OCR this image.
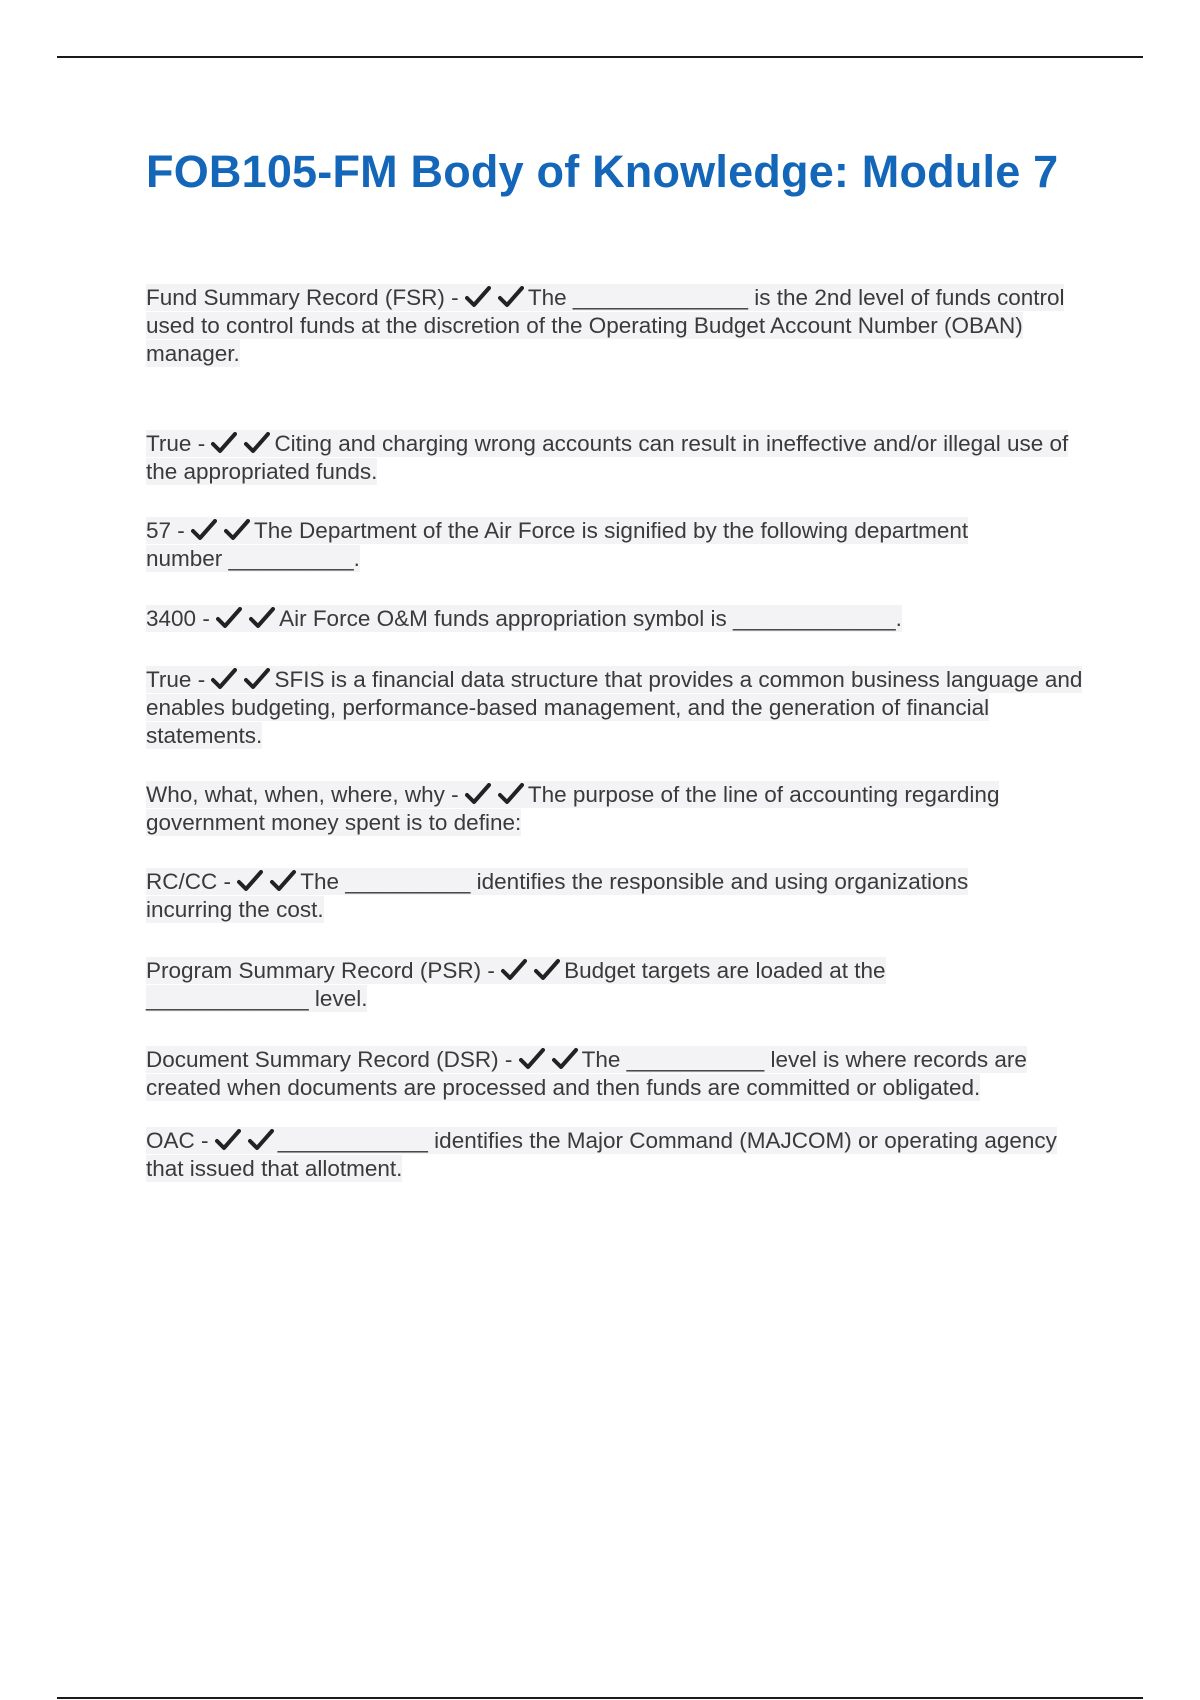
FOB105-FM Body of Knowledge: Module 7

Fund Summary Record (FSR) -	The ______________ is the 2nd level of funds control used to control funds at the discretion of the Operating Budget Account Number (OBAN) manager.

True -	Citing and charging wrong accounts can result in ineffective and/or illegal use of the appropriated funds.

57 -	The Department of the Air Force is signified by the following department number __________.

3400 -	Air Force O&M funds appropriation symbol is _____________.

True -	SFIS is a financial data structure that provides a common business language and enables budgeting, performance-based management, and the generation of financial statements.

Who, what, when, where, why -	The purpose of the line of accounting regarding government money spent is to define:

RC/CC -	The __________ identifies the responsible and using organizations incurring the cost.

Program Summary Record (PSR) -	Budget targets are loaded at the _____________ level.

Document Summary Record (DSR) -	The ___________ level is where records are created when documents are processed and then funds are committed or obligated.

OAC -	____________ identifies the Major Command (MAJCOM) or operating agency that issued that allotment.
